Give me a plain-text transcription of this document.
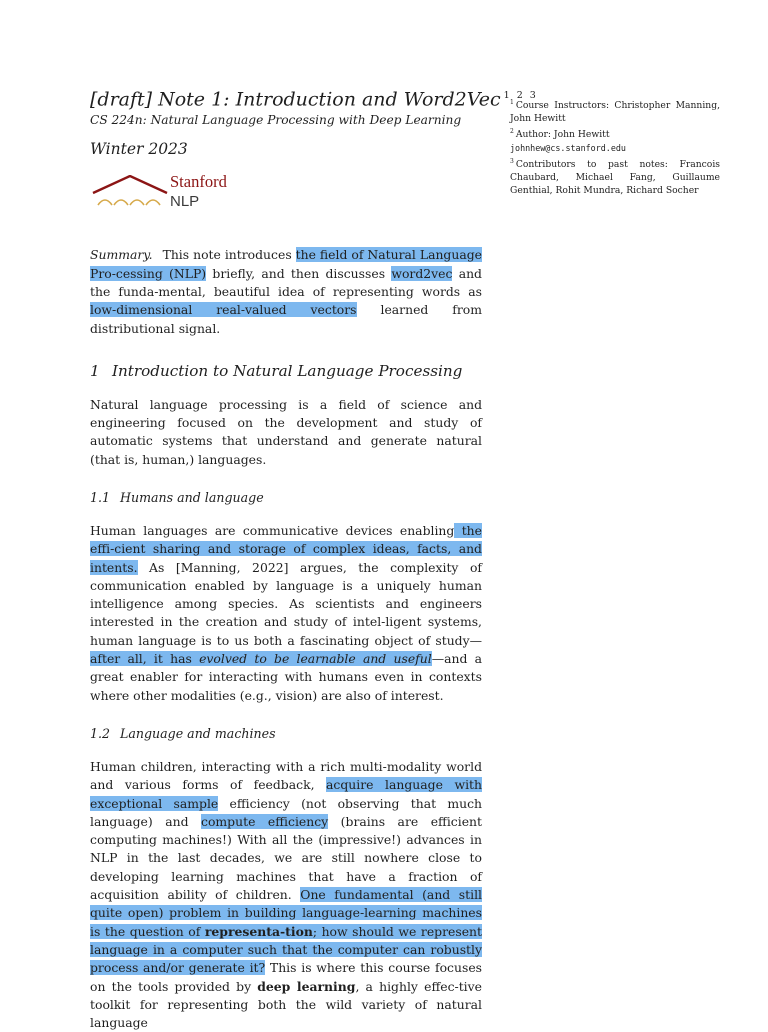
[draft] Note 1: Introduction and Word2Vec $^{1 2 3}$
CS 224n: Natural Language Processing with Deep Learning
Winter 2023
Stanford
NLP

Summary. This note introduces the field of Natural Language Pro-cessing (NLP) briefly, and then discusses word2vec and the funda-mental, beautiful idea of representing words as low-dimensional real-valued vectors learned from distributional signal.

1 Introduction to Natural Language Processing

Natural language processing is a field of science and engineering focused on the development and study of automatic systems that understand and generate natural (that is, human,) languages.

1.1 Humans and language

Human languages are communicative devices enabling the effi-cient sharing and storage of complex ideas, facts, and intents. As [Manning, 2022] argues, the complexity of communication enabled by language is a uniquely human intelligence among species. As scientists and engineers interested in the creation and study of intel-ligent systems, human language is to us both a fascinating object of study—after all, it has evolved to be learnable and useful—and a great enabler for interacting with humans even in contexts where other modalities (e.g., vision) are also of interest.

1.2 Language and machines

Human children, interacting with a rich multi-modality world and various forms of feedback, acquire language with exceptional sample efficiency (not observing that much language) and compute efficiency (brains are efficient computing machines!) With all the (impressive!) advances in NLP in the last decades, we are still nowhere close to developing learning machines that have a fraction of acquisition ability of children. One fundamental (and still quite open) problem in building language-learning machines is the question of representa-tion; how should we represent language in a computer such that the computer can robustly process and/or generate it? This is where this course focuses on the tools provided by deep learning, a highly effec-tive toolkit for representing both the wild variety of natural language

$^1$ Course Instructors: Christopher Manning, John Hewitt

$^2$ Author: John Hewitt
johnhew@cs.stanford.edu

$^3$ Contributors to past notes: Francois Chaubard, Michael Fang, Guillaume Genthial, Rohit Mundra, Richard Socher
